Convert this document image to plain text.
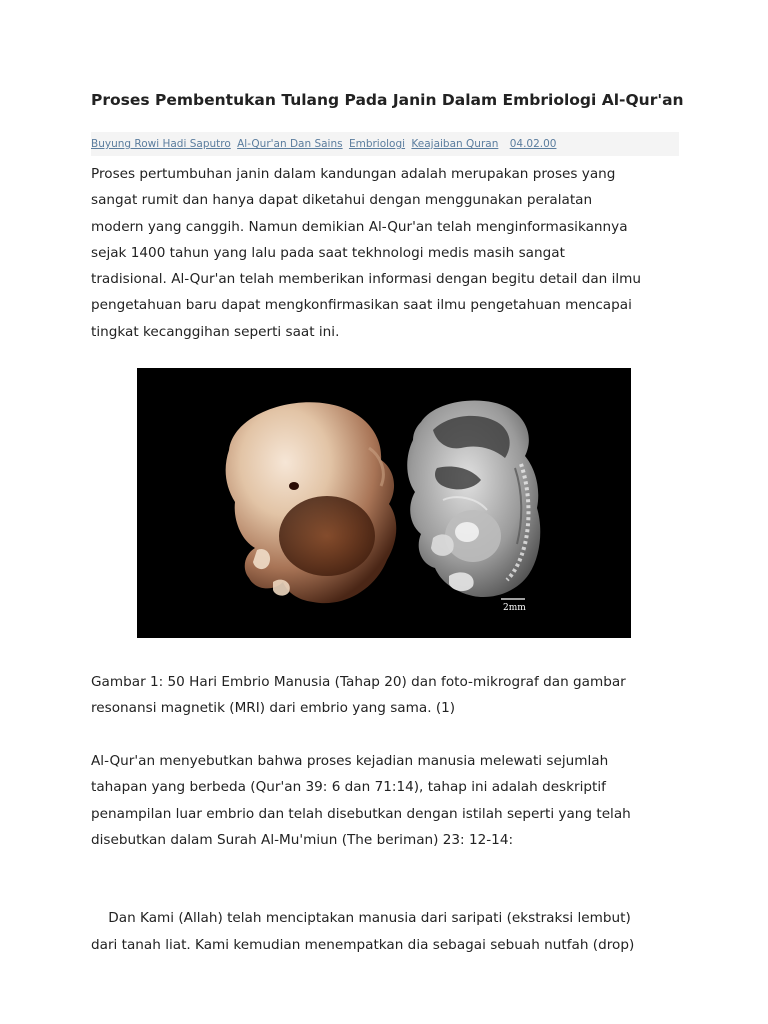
Proses Pembentukan Tulang Pada Janin Dalam Embriologi Al-Qur'an
Buyung Rowi Hadi Saputro Al-Qur'an Dan Sains Embriologi Keajaiban Quran 04.02.00

Proses pertumbuhan janin dalam kandungan adalah merupakan proses yang
sangat rumit dan hanya dapat diketahui dengan menggunakan peralatan
modern yang canggih. Namun demikian Al-Qur'an telah menginformasikannya
sejak 1400 tahun yang lalu pada saat tekhnologi medis masih sangat
tradisional. Al-Qur'an telah memberikan informasi dengan begitu detail dan ilmu
pengetahuan baru dapat mengkonfirmasikan saat ilmu pengetahuan mencapai
tingkat kecanggihan seperti saat ini.

2mm

Gambar 1: 50 Hari Embrio Manusia (Tahap 20) dan foto-mikrograf dan gambar
resonansi magnetik (MRI) dari embrio yang sama. (1)

Al-Qur'an menyebutkan bahwa proses kejadian manusia melewati sejumlah
tahapan yang berbeda (Qur'an 39: 6 dan 71:14), tahap ini adalah deskriptif
penampilan luar embrio dan telah disebutkan dengan istilah seperti yang telah
disebutkan dalam Surah Al-Mu'miun (The beriman) 23: 12-14:

Dan Kami (Allah) telah menciptakan manusia dari saripati (ekstraksi lembut)
dari tanah liat. Kami kemudian menempatkan dia sebagai sebuah nutfah (drop)
